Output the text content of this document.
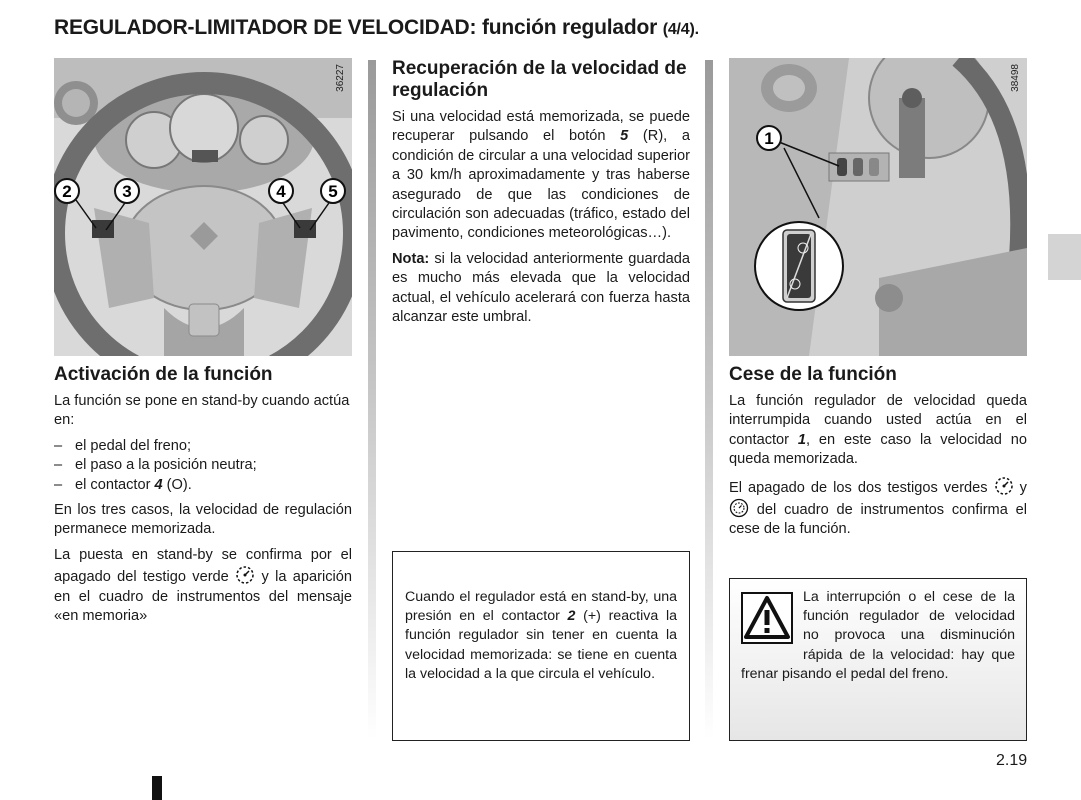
REGULADOR-LIMITADOR DE VELOCIDAD: función regulador (4/4).
2	3	4	5
36227
Activación de la función

La función se pone en stand-by cuando actúa en:

– el pedal del freno;
– el paso a la posición neutra;
– el contactor 4 (O).

En los tres casos, la velocidad de regulación permanece memorizada.

La puesta en stand-by se confirma por el apagado del testigo verde  y la aparición en el cuadro de instrumentos del mensaje «en memoria»

Recuperación de la velocidad de regulación

Si una velocidad está memorizada, se puede recuperar pulsando el botón 5 (R), a condición de circular a una velocidad superior a 30 km/h aproximadamente y tras haberse asegurado de que las condiciones de circulación son adecuadas (tráfico, estado del pavimento, condiciones meteorológicas…).

Nota: si la velocidad anteriormente guardada es mucho más elevada que la velocidad actual, el vehículo acelerará con fuerza hasta alcanzar este umbral.

Cuando el regulador está en stand-by, una presión en el contactor 2 (+) reactiva la función regulador sin tener en cuenta la velocidad memorizada: se tiene en cuenta la velocidad a la que circula el vehículo.

1
38498
Cese de la función

La función regulador de velocidad queda interrumpida cuando usted actúa en el contactor 1, en este caso la velocidad no queda memorizada.

El apagado de los dos testigos verdes  y  del cuadro de instrumentos confirma el cese de la función.

La interrupción o el cese de la función regulador de velocidad no provoca una disminución rápida de la velocidad: hay que frenar pisando el pedal del freno.

2.19
